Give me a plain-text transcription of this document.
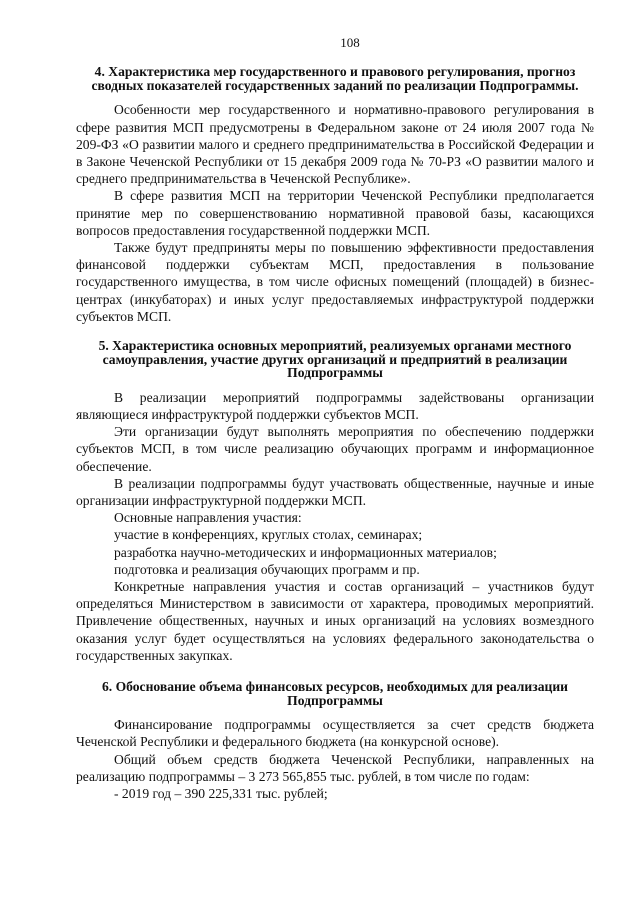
108
4. Характеристика мер государственного и правового регулирования, прогноз сводных показателей государственных заданий по реализации Подпрограммы.

Особенности мер государственного и нормативно-правового регулирования в сфере развития МСП предусмотрены в Федеральном законе от 24 июля 2007 года № 209-ФЗ «О развитии малого и среднего предпринимательства в Российской Федерации и в Законе Чеченской Республики от 15 декабря 2009 года № 70-РЗ «О развитии малого и среднего предпринимательства в Чеченской Республике».

В сфере развития МСП на территории Чеченской Республики предполагается принятие мер по совершенствованию нормативной правовой базы, касающихся вопросов предоставления государственной поддержки МСП.

Также будут предприняты меры по повышению эффективности предоставления финансовой поддержки субъектам МСП, предоставления в пользование государственного имущества, в том числе офисных помещений (площадей) в бизнес-центрах (инкубаторах) и иных услуг предоставляемых инфраструктурой поддержки субъектов МСП.

5. Характеристика основных мероприятий, реализуемых органами местного самоуправления, участие других организаций и предприятий в реализации Подпрограммы

В реализации мероприятий подпрограммы задействованы организации являющиеся инфраструктурой поддержки субъектов МСП.

Эти организации будут выполнять мероприятия по обеспечению поддержки субъектов МСП, в том числе реализацию обучающих программ и информационное обеспечение.

В реализации подпрограммы будут участвовать общественные, научные и иные организации инфраструктурной поддержки МСП.

Основные направления участия:

участие в конференциях, круглых столах, семинарах;
разработка научно-методических и информационных материалов;
подготовка и реализация обучающих программ и пр.

Конкретные направления участия и состав организаций – участников будут определяться Министерством в зависимости от характера, проводимых мероприятий. Привлечение общественных, научных и иных организаций на условиях возмездного оказания услуг будет осуществляться на условиях федерального законодательства о государственных закупках.

6. Обоснование объема финансовых ресурсов, необходимых для реализации Подпрограммы

Финансирование подпрограммы осуществляется за счет средств бюджета Чеченской Республики и федерального бюджета (на конкурсной основе).

Общий объем средств бюджета Чеченской Республики, направленных на реализацию подпрограммы – 3 273 565,855 тыс. рублей, в том числе по годам:

- 2019 год – 390 225,331 тыс. рублей;
